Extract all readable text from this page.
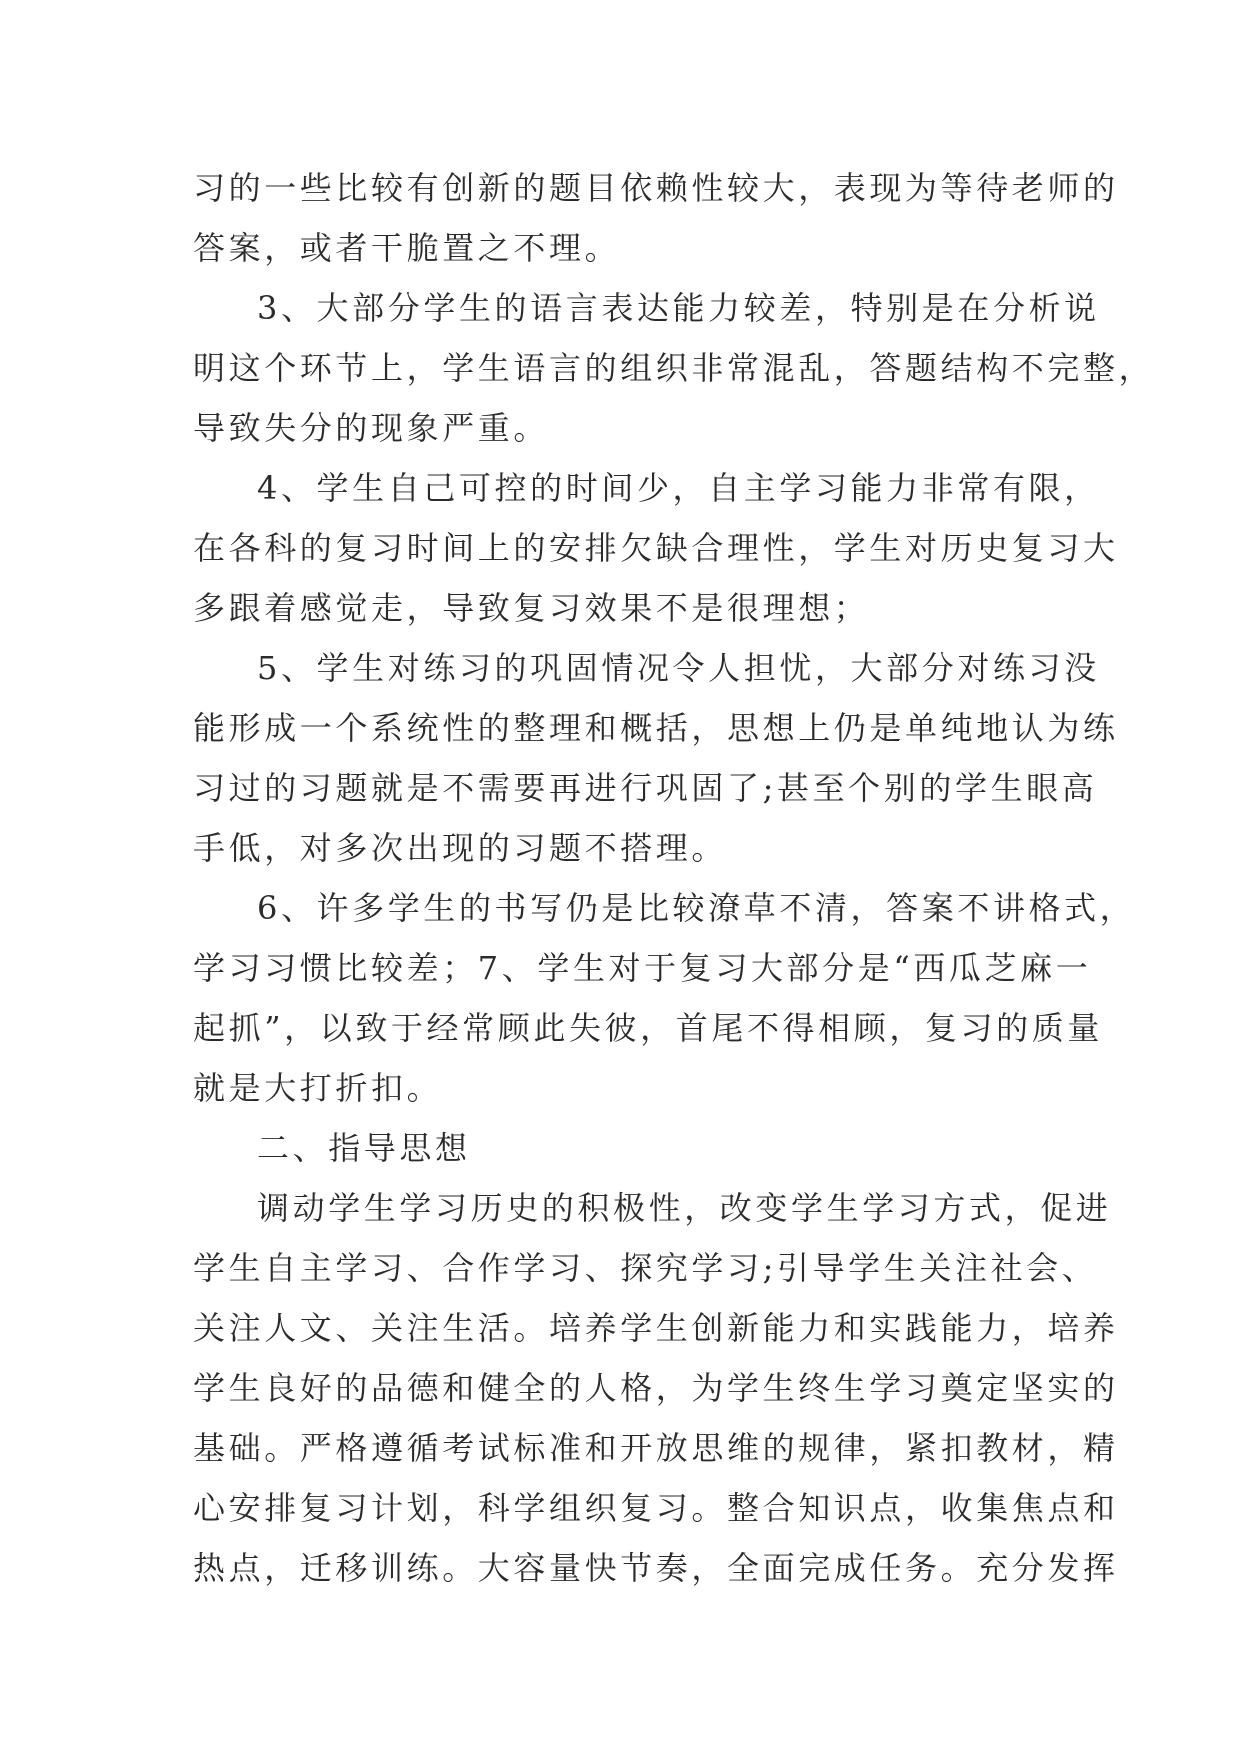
习的一些比较有创新的题目依赖性较大，表现为等待老师的
答案，或者干脆置之不理。
3、大部分学生的语言表达能力较差，特别是在分析说
明这个环节上，学生语言的组织非常混乱，答题结构不完整，
导致失分的现象严重。
4、学生自己可控的时间少，自主学习能力非常有限，
在各科的复习时间上的安排欠缺合理性，学生对历史复习大
多跟着感觉走，导致复习效果不是很理想；
5、学生对练习的巩固情况令人担忧，大部分对练习没
能形成一个系统性的整理和概括，思想上仍是单纯地认为练
习过的习题就是不需要再进行巩固了;甚至个别的学生眼高
手低，对多次出现的习题不搭理。
6、许多学生的书写仍是比较潦草不清，答案不讲格式，
学习习惯比较差；7、学生对于复习大部分是“西瓜芝麻一
起抓”，以致于经常顾此失彼，首尾不得相顾，复习的质量
就是大打折扣。
二、指导思想
调动学生学习历史的积极性，改变学生学习方式，促进
学生自主学习、合作学习、探究学习;引导学生关注社会、
关注人文、关注生活。培养学生创新能力和实践能力，培养
学生良好的品德和健全的人格，为学生终生学习奠定坚实的
基础。严格遵循考试标准和开放思维的规律，紧扣教材，精
心安排复习计划，科学组织复习。整合知识点，收集焦点和
热点，迁移训练。大容量快节奏，全面完成任务。充分发挥
